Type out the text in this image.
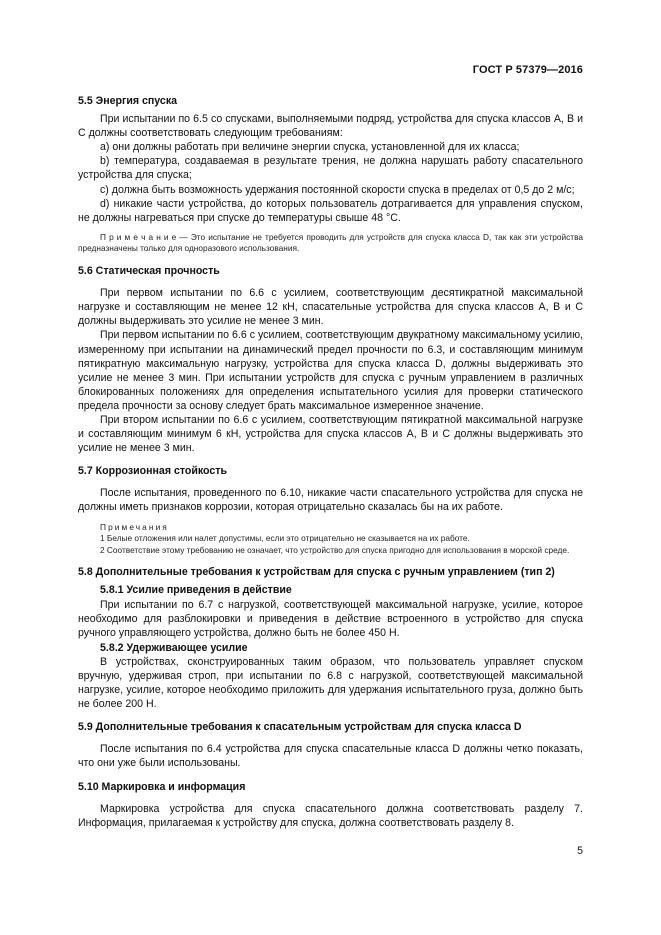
ГОСТ Р 57379—2016
5.5 Энергия спуска

При испытании по 6.5 со спусками, выполняемыми подряд, устройства для спуска классов А, В и С должны соответствовать следующим требованиям:

а) они должны работать при величине энергии спуска, установленной для их класса;

b) температура, создаваемая в результате трения, не должна нарушать работу спасательного устройства для спуска;

с) должна быть возможность удержания постоянной скорости спуска в пределах от 0,5 до 2 м/с;

d) никакие части устройства, до которых пользователь дотрагивается для управления спуском, не должны нагреваться при спуске до температуры свыше 48 °С.

П р и м е ч а н и е — Это испытание не требуется проводить для устройств для спуска класса D, так как эти устройства предназначены только для одноразового использования.
5.6 Статическая прочность

При первом испытании по 6.6 с усилием, соответствующим десятикратной максимальной нагрузке и составляющим не менее 12 кН, спасательные устройства для спуска классов А, В и С должны выдерживать это усилие не менее 3 мин.

При первом испытании по 6.6 с усилием, соответствующим двукратному максимальному усилию, измеренному при испытании на динамический предел прочности по 6.3, и составляющим минимум пятикратную максимальную нагрузку, устройства для спуска класса D, должны выдерживать это усилие не менее 3 мин. При испытании устройств для спуска с ручным управлением в различных блокированных положениях для определения испытательного усилия для проверки статического предела прочности за основу следует брать максимальное измеренное значение.

При втором испытании по 6.6 с усилием, соответствующим пятикратной максимальной нагрузке и составляющим минимум 6 кН, устройства для спуска классов А, В и С должны выдерживать это усилие не менее 3 мин.

5.7 Коррозионная стойкость

После испытания, проведенного по 6.10, никакие части спасательного устройства для спуска не должны иметь признаков коррозии, которая отрицательно сказалась бы на их работе.

Примечания
1 Белые отложения или налет допустимы, если это отрицательно не сказывается на их работе.
2 Соответствие этому требованию не означает, что устройство для спуска пригодно для использования в морской среде.
5.8 Дополнительные требования к устройствам для спуска с ручным управлением (тип 2)
5.8.1 Усилие приведения в действие

При испытании по 6.7 с нагрузкой, соответствующей максимальной нагрузке, усилие, которое необходимо для разблокировки и приведения в действие встроенного в устройство для спуска ручного управляющего устройства, должно быть не более 450 Н.

5.8.2 Удерживающее усилие

В устройствах, сконструированных таким образом, что пользователь управляет спуском вручную, удерживая строп, при испытании по 6.8 с нагрузкой, соответствующей максимальной нагрузке, усилие, которое необходимо приложить для удержания испытательного груза, должно быть не более 200 Н.

5.9 Дополнительные требования к спасательным устройствам для спуска класса D

После испытания по 6.4 устройства для спуска спасательные класса D должны четко показать, что они уже были использованы.

5.10 Маркировка и информация

Маркировка устройства для спуска спасательного должна соответствовать разделу 7. Информация, прилагаемая к устройству для спуска, должна соответствовать разделу 8.

5
